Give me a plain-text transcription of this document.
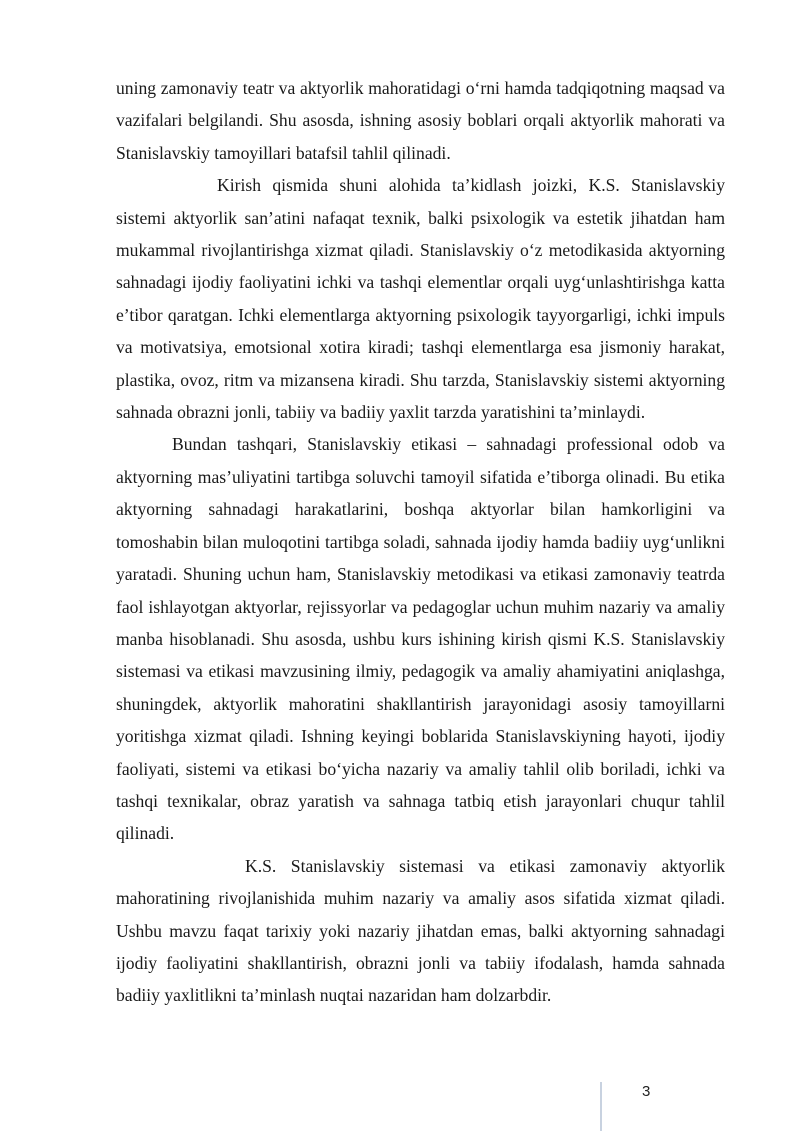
uning zamonaviy teatr va aktyorlik mahoratidagi o‘rni hamda tadqiqotning maqsad va vazifalari belgilandi. Shu asosda, ishning asosiy boblari orqali aktyorlik mahorati va Stanislavskiy tamoyillari batafsil tahlil qilinadi.

Kirish qismida shuni alohida ta’kidlash joizki, K.S. Stanislavskiy sistemi aktyorlik san’atini nafaqat texnik, balki psixologik va estetik jihatdan ham mukammal rivojlantirishga xizmat qiladi. Stanislavskiy o‘z metodikasida aktyorning sahnadagi ijodiy faoliyatini ichki va tashqi elementlar orqali uyg‘unlashtirishga katta e’tibor qaratgan. Ichki elementlarga aktyorning psixologik tayyorgarligi, ichki impuls va motivatsiya, emotsional xotira kiradi; tashqi elementlarga esa jismoniy harakat, plastika, ovoz, ritm va mizansena kiradi. Shu tarzda, Stanislavskiy sistemi aktyorning sahnada obrazni jonli, tabiiy va badiiy yaxlit tarzda yaratishini ta’minlaydi.

Bundan tashqari, Stanislavskiy etikasi – sahnadagi professional odob va aktyorning mas’uliyatini tartibga soluvchi tamoyil sifatida e’tiborga olinadi. Bu etika aktyorning sahnadagi harakatlarini, boshqa aktyorlar bilan hamkorligini va tomoshabin bilan muloqotini tartibga soladi, sahnada ijodiy hamda badiiy uyg‘unlikni yaratadi. Shuning uchun ham, Stanislavskiy metodikasi va etikasi zamonaviy teatrda faol ishlayotgan aktyorlar, rejissyorlar va pedagoglar uchun muhim nazariy va amaliy manba hisoblanadi. Shu asosda, ushbu kurs ishining kirish qismi K.S. Stanislavskiy sistemasi va etikasi mavzusining ilmiy, pedagogik va amaliy ahamiyatini aniqlashga, shuningdek, aktyorlik mahoratini shakllantirish jarayonidagi asosiy tamoyillarni yoritishga xizmat qiladi. Ishning keyingi boblarida Stanislavskiyning hayoti, ijodiy faoliyati, sistemi va etikasi bo‘yicha nazariy va amaliy tahlil olib boriladi, ichki va tashqi texnikalar, obraz yaratish va sahnaga tatbiq etish jarayonlari chuqur tahlil qilinadi.

K.S. Stanislavskiy sistemasi va etikasi zamonaviy aktyorlik mahoratining rivojlanishida muhim nazariy va amaliy asos sifatida xizmat qiladi. Ushbu mavzu faqat tarixiy yoki nazariy jihatdan emas, balki aktyorning sahnadagi ijodiy faoliyatini shakllantirish, obrazni jonli va tabiiy ifodalash, hamda sahnada badiiy yaxlitlikni ta’minlash nuqtai nazaridan ham dolzarbdir.

3
